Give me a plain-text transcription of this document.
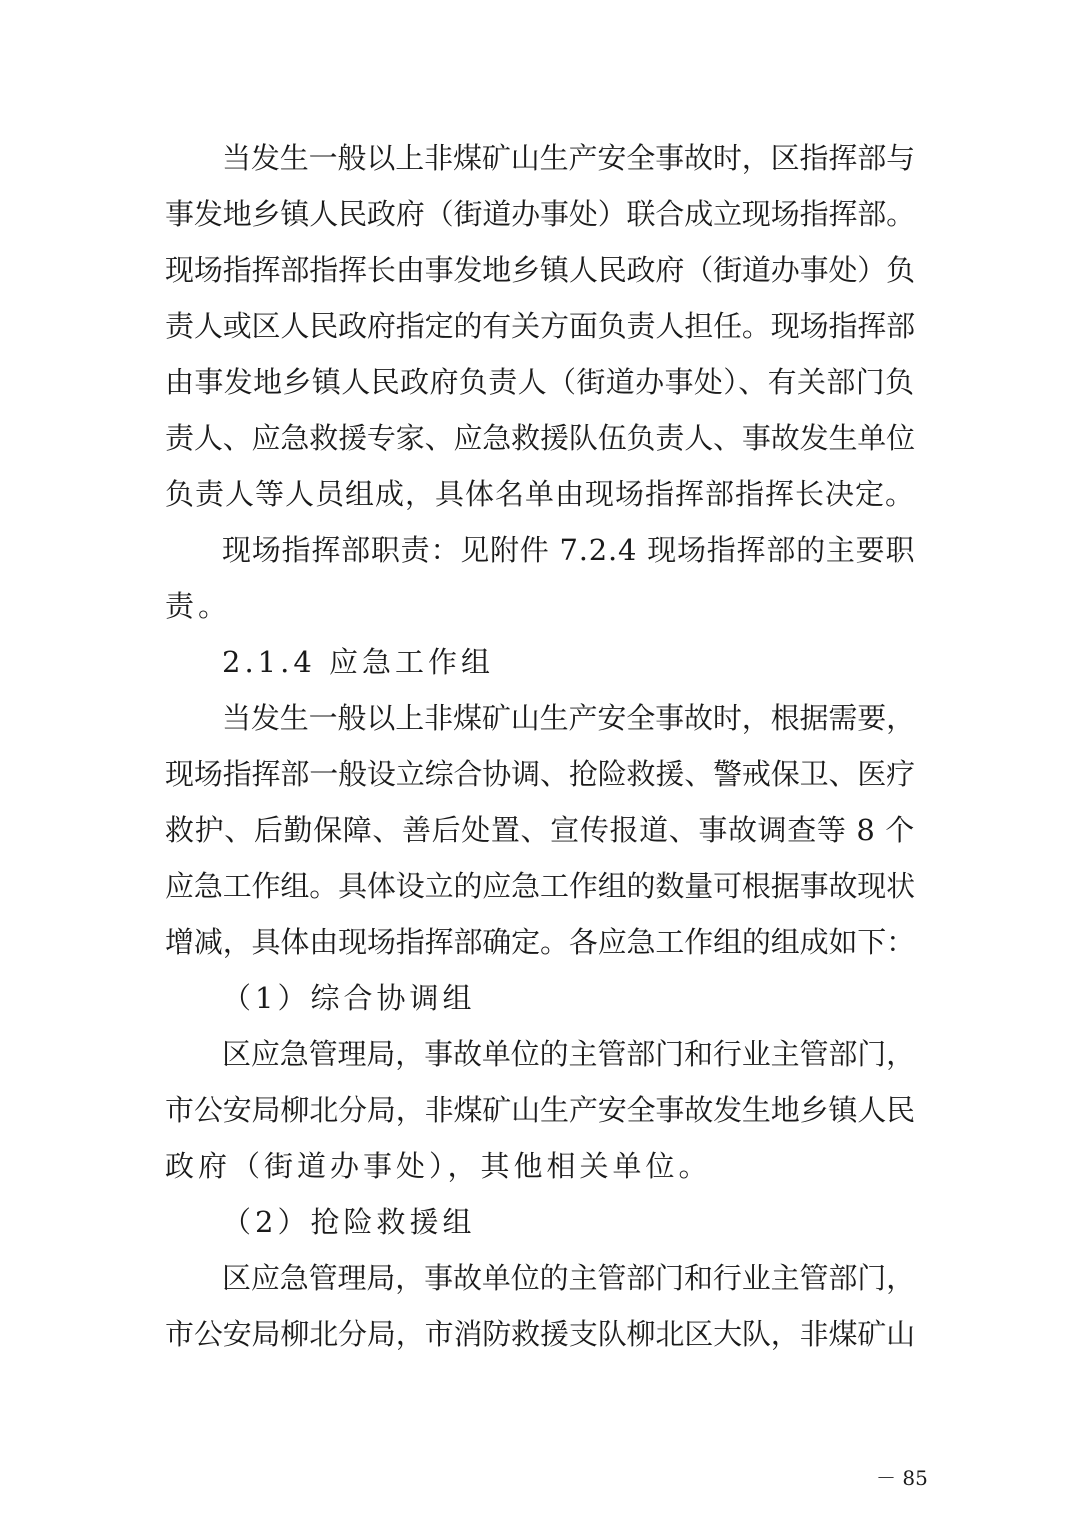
当发生一般以上非煤矿山生产安全事故时，区指挥部与

事发地乡镇人民政府（街道办事处）联合成立现场指挥部。

现场指挥部指挥长由事发地乡镇人民政府（街道办事处）负

责人或区人民政府指定的有关方面负责人担任。现场指挥部

由事发地乡镇人民政府负责人（街道办事处）、有关部门负

责人、应急救援专家、应急救援队伍负责人、事故发生单位

负责人等人员组成，具体名单由现场指挥部指挥长决定。

现场指挥部职责：见附件 7.2.4 现场指挥部的主要职

责。

2.1.4 应急工作组

当发生一般以上非煤矿山生产安全事故时，根据需要，

现场指挥部一般设立综合协调、抢险救援、警戒保卫、医疗

救护、后勤保障、善后处置、宣传报道、事故调查等 8 个

应急工作组。具体设立的应急工作组的数量可根据事故现状

增减，具体由现场指挥部确定。各应急工作组的组成如下：

（1）综合协调组

区应急管理局，事故单位的主管部门和行业主管部门，

市公安局柳北分局，非煤矿山生产安全事故发生地乡镇人民

政府（街道办事处），其他相关单位。

（2）抢险救援组

区应急管理局，事故单位的主管部门和行业主管部门，

市公安局柳北分局，市消防救援支队柳北区大队，非煤矿山

－ 85
